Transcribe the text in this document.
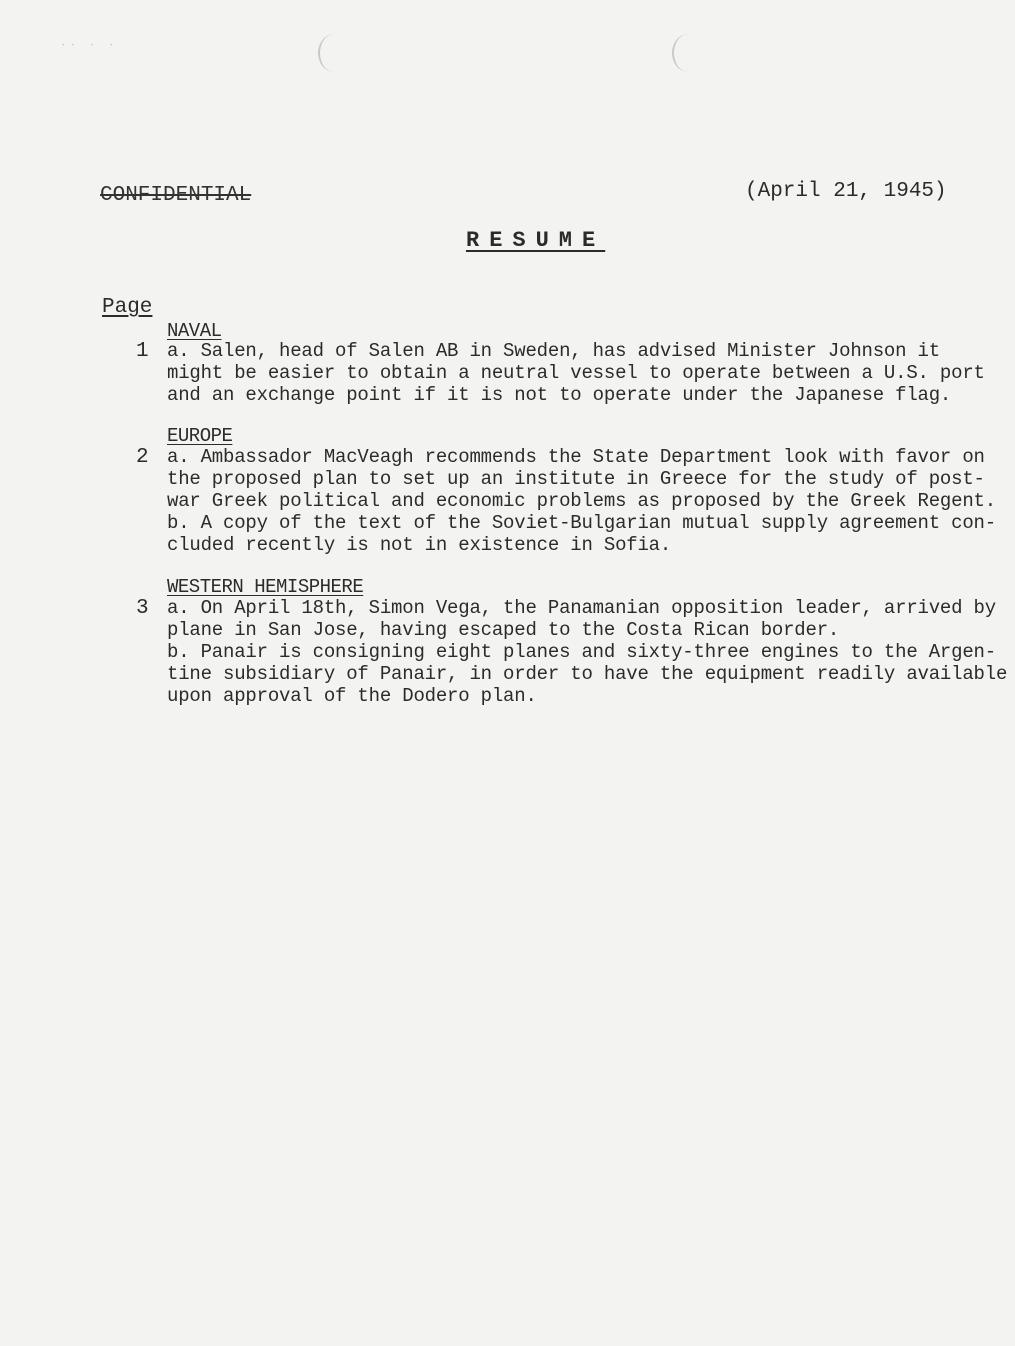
·· · ·
CONFIDENTIAL	(April 21, 1945)
RESUME
Page
NAVAL
1 a. Salen, head of Salen AB in Sweden, has advised Minister Johnson it
might be easier to obtain a neutral vessel to operate between a U.S. port
and an exchange point if it is not to operate under the Japanese flag.
EUROPE
2 a. Ambassador MacVeagh recommends the State Department look with favor on
the proposed plan to set up an institute in Greece for the study of post-
war Greek political and economic problems as proposed by the Greek Regent.
b. A copy of the text of the Soviet-Bulgarian mutual supply agreement con-
cluded recently is not in existence in Sofia.
WESTERN HEMISPHERE
3 a. On April 18th, Simon Vega, the Panamanian opposition leader, arrived by
plane in San Jose, having escaped to the Costa Rican border.
b. Panair is consigning eight planes and sixty-three engines to the Argen-
tine subsidiary of Panair, in order to have the equipment readily available
upon approval of the Dodero plan.
